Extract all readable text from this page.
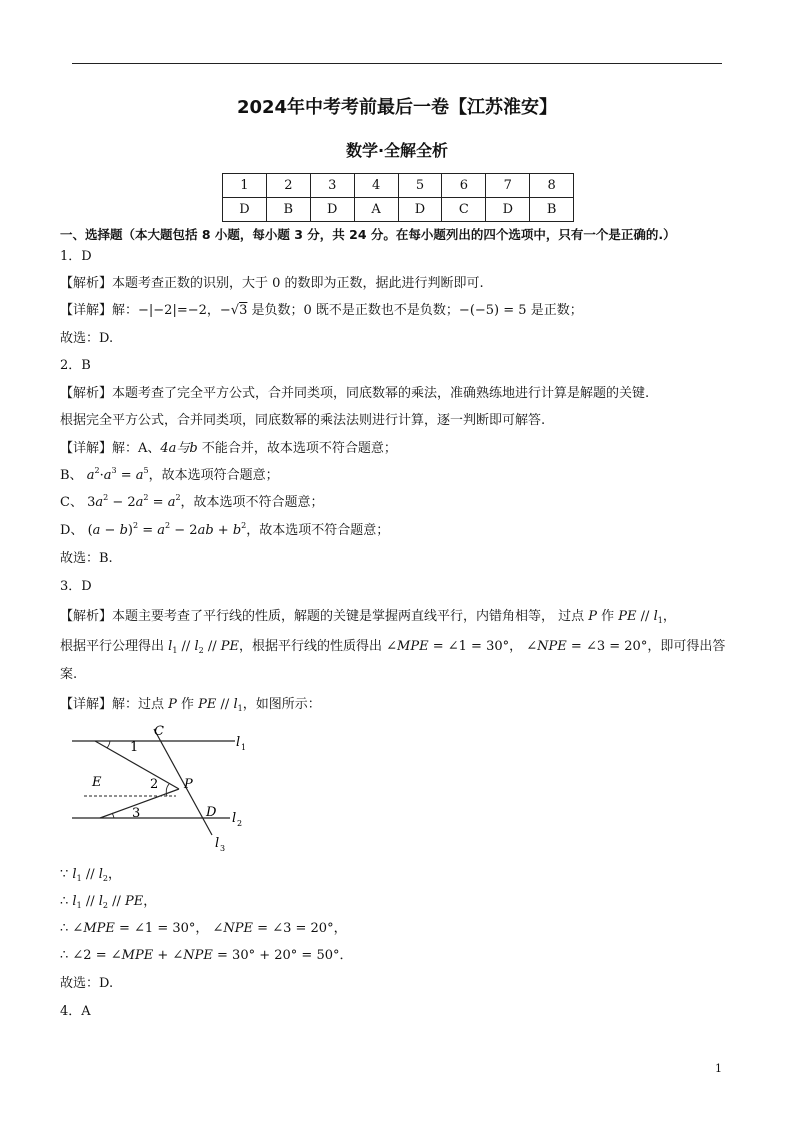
2024年中考考前最后一卷【江苏淮安】
数学·全解全析
1	2	3	4	5	6	7	8
D	B	D	A	D	C	D	B
一、选择题（本大题包括 8 小题，每小题 3 分，共 24 分。在每小题列出的四个选项中，只有一个是正确的.）
1．D
【解析】本题考查正数的识别，大于 0 的数即为正数，据此进行判断即可.
【详解】解：−|−2|=−2，−√3 是负数；0 既不是正数也不是负数；−(−5) = 5 是正数；
故选：D.
2．B
【解析】本题考查了完全平方公式，合并同类项，同底数幂的乘法，准确熟练地进行计算是解题的关键.
根据完全平方公式，合并同类项，同底数幂的乘法法则进行计算，逐一判断即可解答.
【详解】解：A、4a与b 不能合并，故本选项不符合题意；
B、 $a^2\cdot a^3 = a^5$，故本选项符合题意；
C、 $3a^2 - 2a^2 = a^2$，故本选项不符合题意；
D、 $(a - b)^2 = a^2 - 2ab + b^2$，故本选项不符合题意；
故选：B.
3．D
【解析】本题主要考查了平行线的性质，解题的关键是掌握两直线平行，内错角相等， 过点 P 作 PE // $l_1$，
根据平行公理得出 $l_1 // l_2$ // PE，根据平行线的性质得出 ∠MPE = ∠1 = 30°， ∠NPE = ∠3 = 20°，即可得出答
案.
【详解】解：过点 P 作 PE // $l_1$，如图所示：
C
1	l 1
E	2 P
D
3	l 2
l 3
∵ $l_1 // l_2$，
∴ $l_1 // l_2$ // PE，
∴ ∠MPE = ∠1 = 30°， ∠NPE = ∠3 = 20°，
∴ ∠2 = ∠MPE + ∠NPE = 30° + 20° = 50°．
故选：D.
4．A
1
